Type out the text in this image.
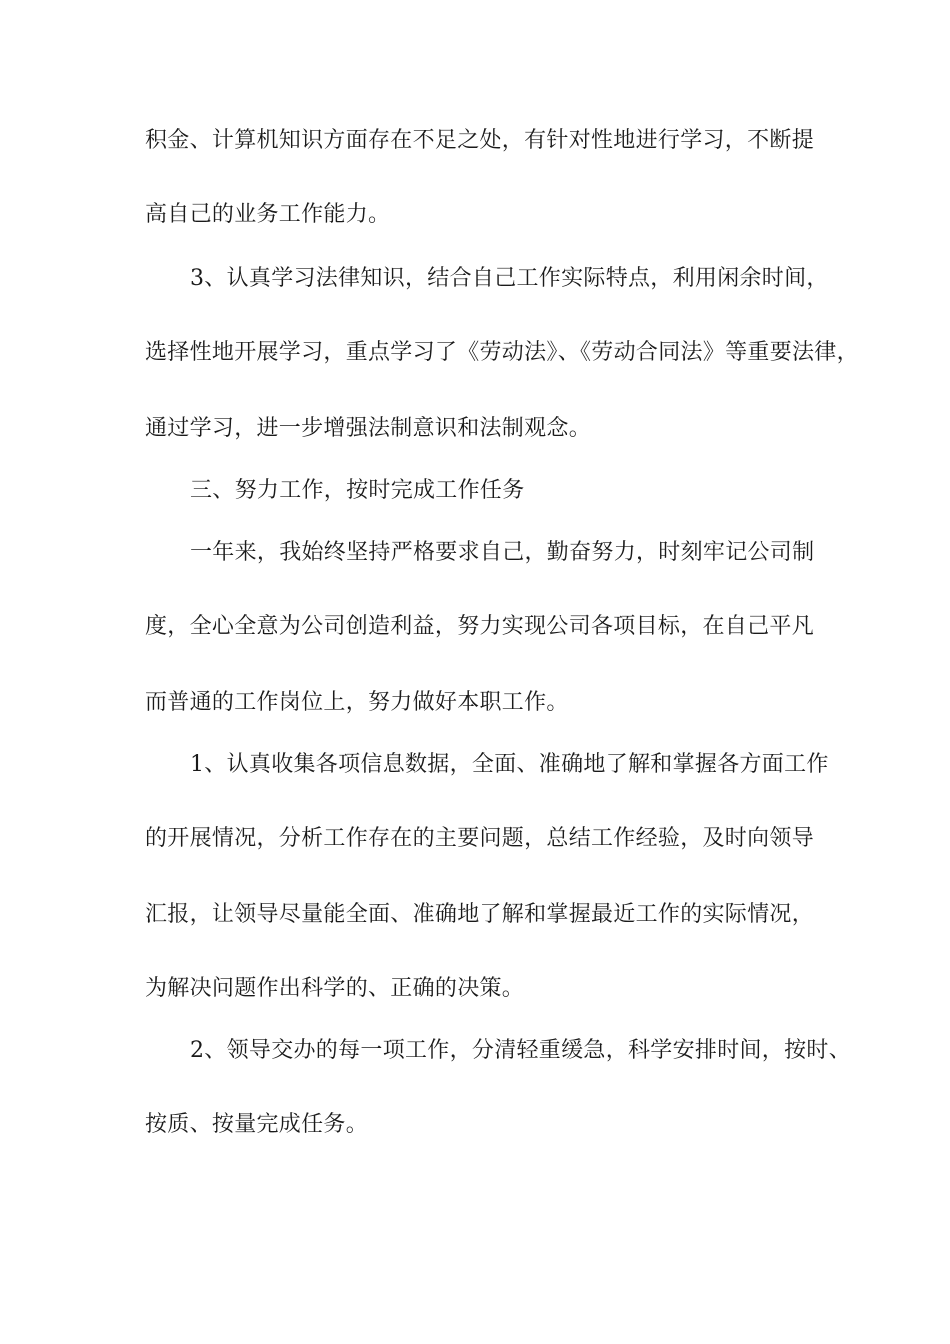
积金、计算机知识方面存在不足之处，有针对性地进行学习，不断提
高自己的业务工作能力。
3、认真学习法律知识，结合自己工作实际特点，利用闲余时间，
选择性地开展学习，重点学习了《劳动法》、《劳动合同法》等重要法律，
通过学习，进一步增强法制意识和法制观念。
三、努力工作，按时完成工作任务
一年来，我始终坚持严格要求自己，勤奋努力，时刻牢记公司制
度，全心全意为公司创造利益，努力实现公司各项目标，在自己平凡
而普通的工作岗位上，努力做好本职工作。
1、认真收集各项信息数据，全面、准确地了解和掌握各方面工作
的开展情况，分析工作存在的主要问题，总结工作经验，及时向领导
汇报，让领导尽量能全面、准确地了解和掌握最近工作的实际情况，
为解决问题作出科学的、正确的决策。
2、领导交办的每一项工作，分清轻重缓急，科学安排时间，按时、
按质、按量完成任务。
